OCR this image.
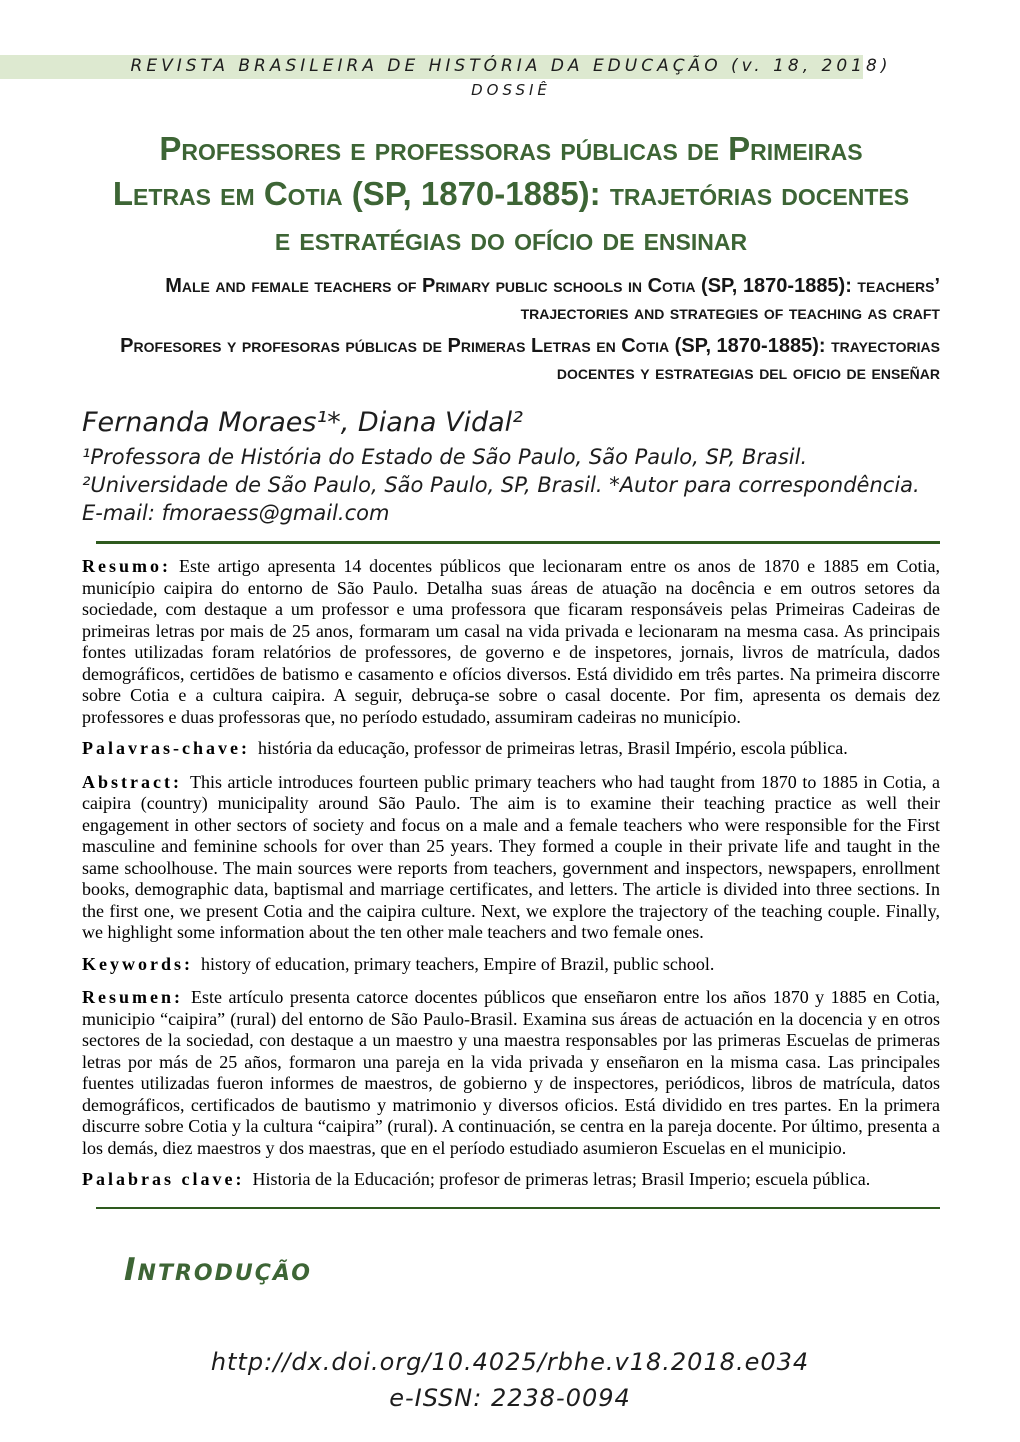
REVISTA BRASILEIRA DE HISTÓRIA DA EDUCAÇÃO (v. 18, 2018)
DOSSIÊ
Professores e professoras públicas de Primeiras Letras em Cotia (SP, 1870-1885): trajetórias docentes e estratégias do ofício de ensinar
Male and female teachers of Primary public schools in Cotia (SP, 1870-1885): teachers’ trajectories and strategies of teaching as craft
Profesores y profesoras públicas de Primeras Letras en Cotia (SP, 1870-1885): trayectorias docentes y estrategias del oficio de enseñar
Fernanda Moraes¹*, Diana Vidal²
¹Professora de História do Estado de São Paulo, São Paulo, SP, Brasil. ²Universidade de São Paulo, São Paulo, SP, Brasil. *Autor para correspondência. E-mail: fmoraess@gmail.com

Resumo: Este artigo apresenta 14 docentes públicos que lecionaram entre os anos de 1870 e 1885 em Cotia, município caipira do entorno de São Paulo. Detalha suas áreas de atuação na docência e em outros setores da sociedade, com destaque a um professor e uma professora que ficaram responsáveis pelas Primeiras Cadeiras de primeiras letras por mais de 25 anos, formaram um casal na vida privada e lecionaram na mesma casa. As principais fontes utilizadas foram relatórios de professores, de governo e de inspetores, jornais, livros de matrícula, dados demográficos, certidões de batismo e casamento e ofícios diversos. Está dividido em três partes. Na primeira discorre sobre Cotia e a cultura caipira. A seguir, debruça-se sobre o casal docente. Por fim, apresenta os demais dez professores e duas professoras que, no período estudado, assumiram cadeiras no município.

Palavras-chave: história da educação, professor de primeiras letras, Brasil Império, escola pública.

Abstract: This article introduces fourteen public primary teachers who had taught from 1870 to 1885 in Cotia, a caipira (country) municipality around São Paulo. The aim is to examine their teaching practice as well their engagement in other sectors of society and focus on a male and a female teachers who were responsible for the First masculine and feminine schools for over than 25 years. They formed a couple in their private life and taught in the same schoolhouse. The main sources were reports from teachers, government and inspectors, newspapers, enrollment books, demographic data, baptismal and marriage certificates, and letters. The article is divided into three sections. In the first one, we present Cotia and the caipira culture. Next, we explore the trajectory of the teaching couple. Finally, we highlight some information about the ten other male teachers and two female ones.

Keywords: history of education, primary teachers, Empire of Brazil, public school.

Resumen: Este artículo presenta catorce docentes públicos que enseñaron entre los años 1870 y 1885 en Cotia, municipio “caipira” (rural) del entorno de São Paulo-Brasil. Examina sus áreas de actuación en la docencia y en otros sectores de la sociedad, con destaque a un maestro y una maestra responsables por las primeras Escuelas de primeras letras por más de 25 años, formaron una pareja en la vida privada y enseñaron en la misma casa. Las principales fuentes utilizadas fueron informes de maestros, de gobierno y de inspectores, periódicos, libros de matrícula, datos demográficos, certificados de bautismo y matrimonio y diversos oficios. Está dividido en tres partes. En la primera discurre sobre Cotia y la cultura “caipira” (rural). A continuación, se centra en la pareja docente. Por último, presenta a los demás, diez maestros y dos maestras, que en el período estudiado asumieron Escuelas en el municipio.

Palabras clave: Historia de la Educación; profesor de primeras letras; Brasil Imperio; escuela pública.

Introdução
http://dx.doi.org/10.4025/rbhe.v18.2018.e034
e-ISSN: 2238-0094
